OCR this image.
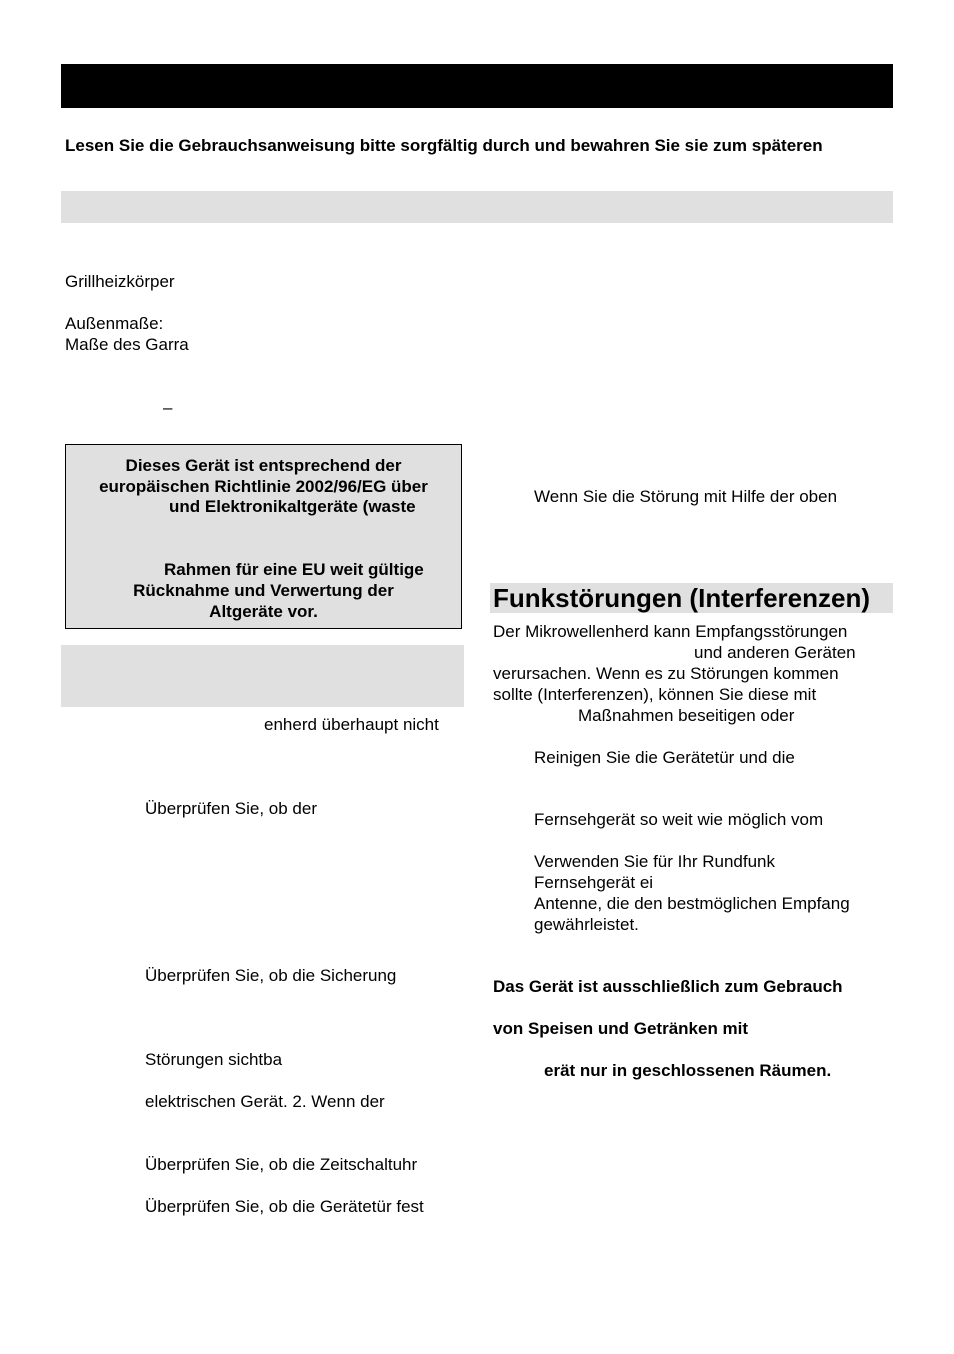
Lesen Sie die Gebrauchsanweisung bitte sorgfältig durch und bewahren Sie sie zum späteren
Grillheizkörper
Außenmaße:
Maße des Garra
–
Dieses Gerät ist entsprechend der
europäischen Richtlinie 2002/96/EG über
und Elektronikaltgeräte (waste
Rahmen für eine EU weit gültige
Rücknahme und Verwertung der
Altgeräte vor.
enherd überhaupt nicht
Überprüfen Sie, ob der
Überprüfen Sie, ob die Sicherung
Störungen sichtba
elektrischen Gerät. 2. Wenn der
Überprüfen Sie, ob die Zeitschaltuhr
Überprüfen Sie, ob die Gerätetür fest
Wenn Sie die Störung mit Hilfe der oben
Funkstörungen (Interferenzen)
Der Mikrowellenherd kann Empfangsstörungen
und anderen Geräten
verursachen. Wenn es zu Störungen kommen
sollte (Interferenzen), können Sie diese mit
Maßnahmen beseitigen oder
Reinigen Sie die Gerätetür und die
Fernsehgerät so weit wie möglich vom
Verwenden Sie für Ihr Rundfunk
Fernsehgerät ei
Antenne, die den bestmöglichen Empfang
gewährleistet.
Das Gerät ist ausschließlich zum Gebrauch
von Speisen und Getränken mit
erät nur in geschlossenen Räumen.
